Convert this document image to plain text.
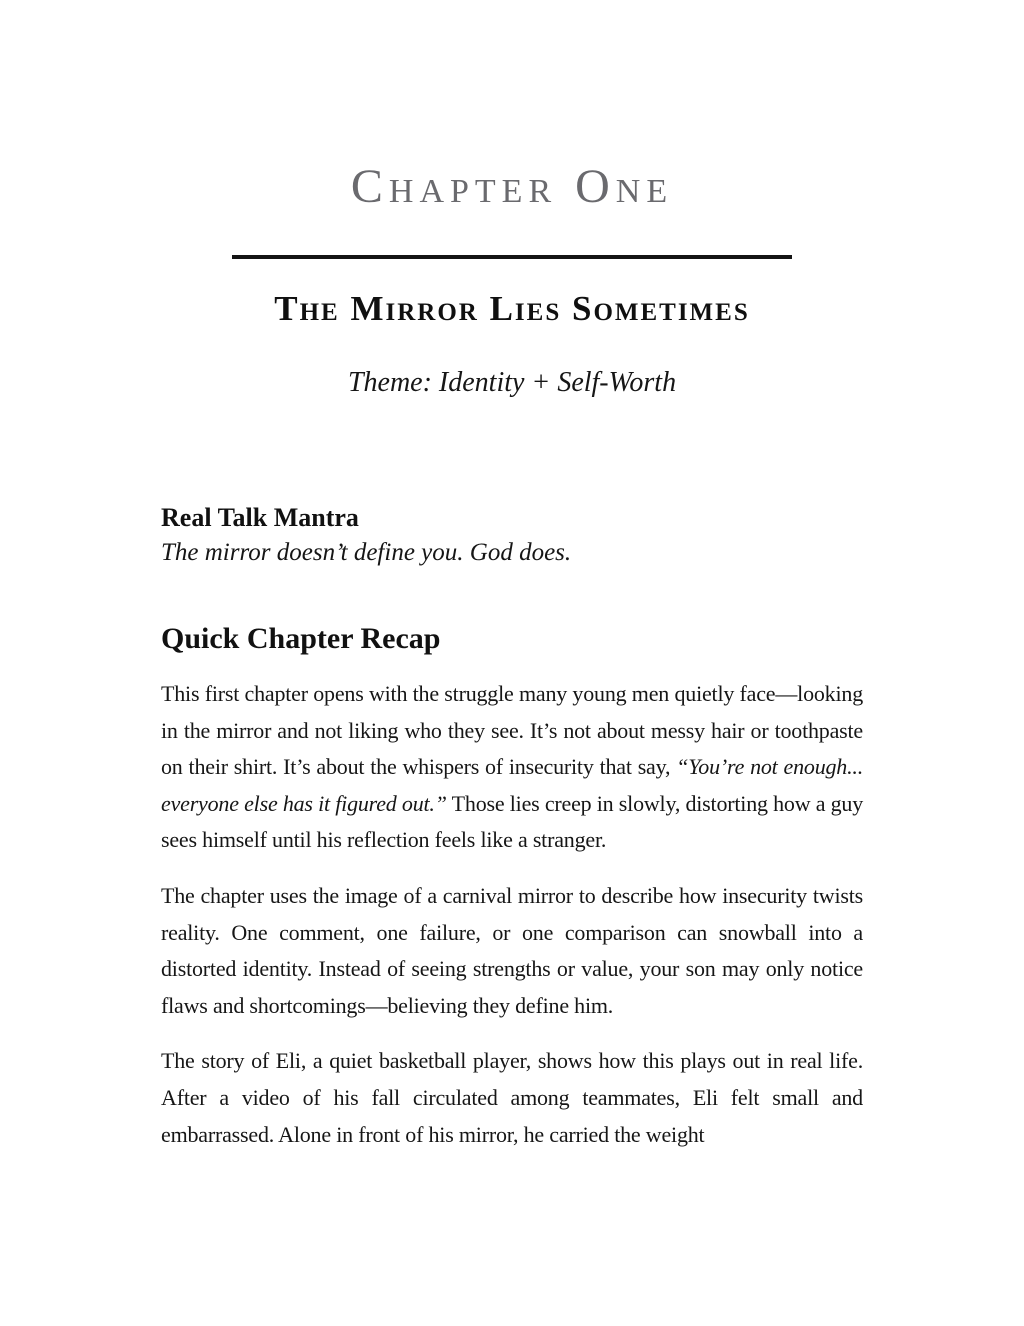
Chapter One
The Mirror Lies Sometimes

Theme: Identity + Self-Worth

Real Talk Mantra

The mirror doesn’t define you. God does.

Quick Chapter Recap

This first chapter opens with the struggle many young men quietly face—looking in the mirror and not liking who they see. It’s not about messy hair or toothpaste on their shirt. It’s about the whispers of insecurity that say, “You’re not enough... everyone else has it figured out.” Those lies creep in slowly, distorting how a guy sees himself until his reflection feels like a stranger.

The chapter uses the image of a carnival mirror to describe how insecurity twists reality. One comment, one failure, or one comparison can snowball into a distorted identity. Instead of seeing strengths or value, your son may only notice flaws and shortcomings—believing they define him.

The story of Eli, a quiet basketball player, shows how this plays out in real life. After a video of his fall circulated among teammates, Eli felt small and embarrassed. Alone in front of his mirror, he carried the weight
